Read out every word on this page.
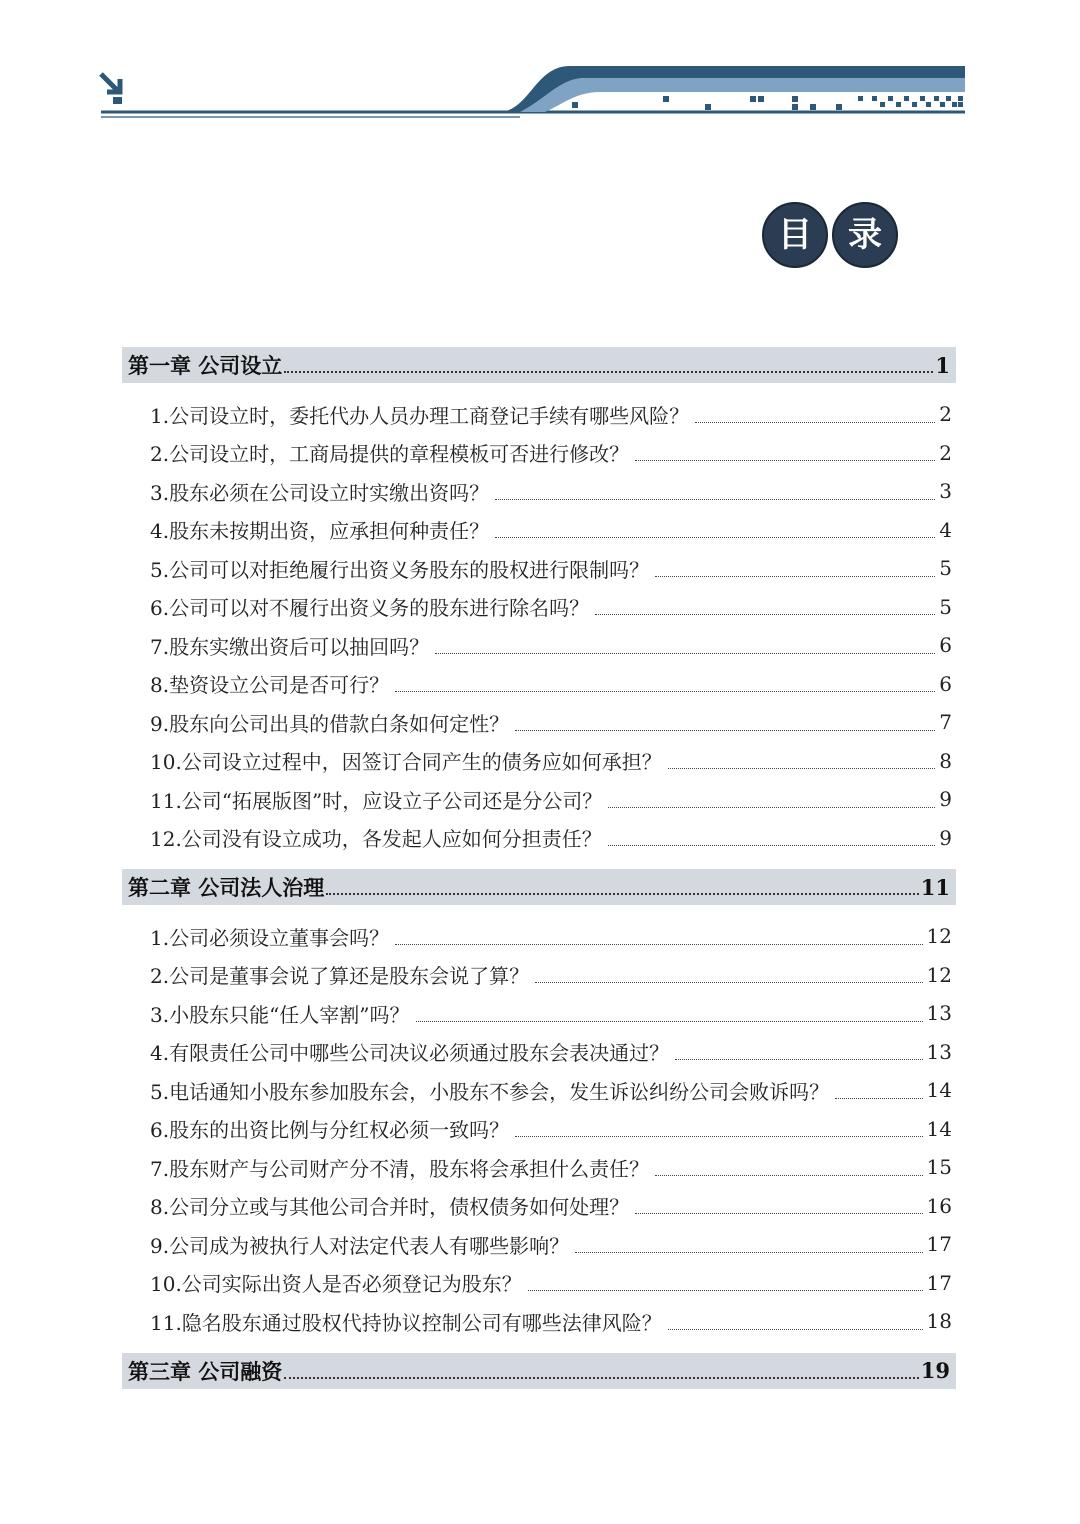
目	录
第一章 公司设立	1
1.公司设立时，委托代办人员办理工商登记手续有哪些风险？	2
2.公司设立时，工商局提供的章程模板可否进行修改？	2
3.股东必须在公司设立时实缴出资吗？	3
4.股东未按期出资，应承担何种责任？	4
5.公司可以对拒绝履行出资义务股东的股权进行限制吗？	5
6.公司可以对不履行出资义务的股东进行除名吗？	5
7.股东实缴出资后可以抽回吗？	6
8.垫资设立公司是否可行？	6
9.股东向公司出具的借款白条如何定性？	7
10.公司设立过程中，因签订合同产生的债务应如何承担？	8
11.公司“拓展版图”时，应设立子公司还是分公司？	9
12.公司没有设立成功，各发起人应如何分担责任？	9
第二章 公司法人治理	11
1.公司必须设立董事会吗？	12
2.公司是董事会说了算还是股东会说了算？	12
3.小股东只能“任人宰割”吗？	13
4.有限责任公司中哪些公司决议必须通过股东会表决通过？	13
5.电话通知小股东参加股东会，小股东不参会，发生诉讼纠纷公司会败诉吗？	14
6.股东的出资比例与分红权必须一致吗？	14
7.股东财产与公司财产分不清，股东将会承担什么责任？	15
8.公司分立或与其他公司合并时，债权债务如何处理？	16
9.公司成为被执行人对法定代表人有哪些影响？	17
10.公司实际出资人是否必须登记为股东？	17
11.隐名股东通过股权代持协议控制公司有哪些法律风险？	18
第三章 公司融资	19
